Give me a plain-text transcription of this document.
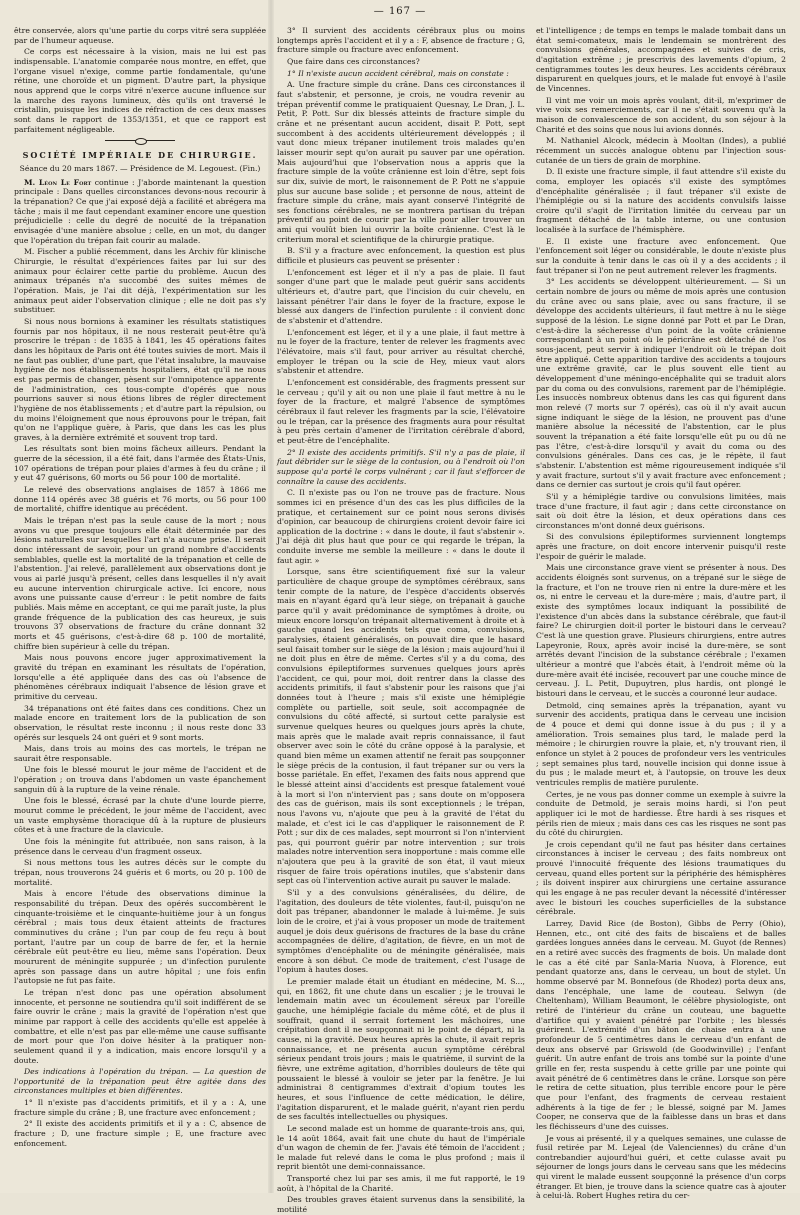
— 167 —

être conservée, alors qu'une partie du corps vitré sera suppléée par de l'humeur aqueuse.

Ce corps est nécessaire à la vision, mais ne lui est pas indispensable. L'anatomie comparée nous montre, en effet, que l'organe visuel n'exige, comme partie fondamentale, qu'une rétine, une choroïde et un pigment. D'autre part, la physique nous apprend que le corps vitré n'exerce aucune influence sur la marche des rayons lumineux, dès qu'ils ont traversé le cristallin, puisque les indices de réfraction de ces deux masses sont dans le rapport de 1353/1351, et que ce rapport est parfaitement négligeable.

SOCIÉTÉ IMPÉRIALE DE CHIRURGIE.
Séance du 20 mars 1867. — Présidence de M. Legouest. (Fin.)

M. Léon Le Fort continue : J'aborde maintenant la question principale : Dans quelles circonstances devons-nous recourir à la trépanation? Ce que j'ai exposé déjà a facilité et abrégera ma tâche ; mais il me faut cependant examiner encore une question préjudicielle : celle du degré de nocuité de la trépanation envisagée d'une manière absolue ; celle, en un mot, du danger que l'opération du trépan fait courir au malade.

M. Fischer a publié récemment, dans les Archiv für klinische Chirurgie, le résultat d'expériences faites par lui sur des animaux pour éclairer cette partie du problème. Aucun des animaux trépanés n'a succombé des suites mêmes de l'opération. Mais, je l'ai dit déjà, l'expérimentation sur les animaux peut aider l'observation clinique ; elle ne doit pas s'y substituer.

Si nous nous bornions à examiner les résultats statistiques fournis par nos hôpitaux, il ne nous resterait peut-être qu'à proscrire le trépan : de 1835 à 1841, les 45 opérations faites dans les hôpitaux de Paris ont été toutes suivies de mort. Mais il ne faut pas oublier, d'une part, que l'état insalubre, la mauvaise hygiène de nos établissements hospitaliers, état qu'il ne nous est pas permis de changer, pèsent sur l'omnipotence apparente de l'administration, ces tous-compte d'opérés que nous pourrions sauver si nous étions libres de régler directement l'hygiène de nos établissements ; et d'autre part la répulsion, ou du moins l'éloignement que nous éprouvons pour le trépan, fait qu'on ne l'applique guère, à Paris, que dans les cas les plus graves, à la dernière extrémité et souvent trop tard.

Les résultats sont bien moins fâcheux ailleurs. Pendant la guerre de la sécession, il a été fait, dans l'armée des États-Unis, 107 opérations de trépan pour plaies d'armes à feu du crâne ; il y eut 47 guérisons, 60 morts ou 56 pour 100 de mortalité.

Le relevé des observations anglaises de 1857 à 1866 me donne 114 opérés avec 38 guéris et 76 morts, ou 56 pour 100 de mortalité, chiffre identique au précédent.

Mais le trépan n'est pas la seule cause de la mort ; nous avons vu que presque toujours elle était déterminée par des lésions naturelles sur lesquelles l'art n'a aucune prise. Il serait donc intéressant de savoir, pour un grand nombre d'accidents semblables, quelle est la mortalité de la trépanation et celle de l'abstention. J'ai relevé, parallèlement aux observations dont je vous ai parlé jusqu'à présent, celles dans lesquelles il n'y avait eu aucune intervention chirurgicale active. Ici encore, nous avons une puissante cause d'erreur : le petit nombre de faits publiés. Mais même en acceptant, ce qui me paraît juste, la plus grande fréquence de la publication des cas heureux, je suis trouvons 37 observations de fracture du crâne donnant 32 morts et 45 guérisons, c'est-à-dire 68 p. 100 de mortalité, chiffre bien supérieur à celle du trépan.

Mais nous pouvons encore juger approximativement la gravité du trépan en examinant les résultats de l'opération, lorsqu'elle a été appliquée dans des cas où l'absence de phénomènes cérébraux indiquait l'absence de lésion grave et primitive du cerveau.

34 trépanations ont été faites dans ces conditions. Chez un malade encore en traitement lors de la publication de son observation, le résultat reste inconnu ; il nous reste donc 33 opérés sur lesquels 24 ont guéri et 9 sont morts.

Mais, dans trois au moins des cas mortels, le trépan ne saurait être responsable.

Une fois le blessé mourut le jour même de l'accident et de l'opération ; on trouva dans l'abdomen un vaste épanchement sanguin dû à la rupture de la veine rénale.

Une fois le blessé, écrasé par la chute d'une lourde pierre, mourut comme le précédent, le jour même de l'accident, avec un vaste emphysème thoracique dû à la rupture de plusieurs côtes et à une fracture de la clavicule.

Une fois la méningite fut attribuée, non sans raison, à la présence dans le cerveau d'un fragment osseux.

Si nous mettons tous les autres décès sur le compte du trépan, nous trouverons 24 guéris et 6 morts, ou 20 p. 100 de mortalité.

Mais à encore l'étude des observations diminue la responsabilité du trépan. Deux des opérés succombèrent le cinquante-troisième et le cinquante-huitième jour à un fongus cérébral ; mais tous deux étaient atteints de fractures comminutives du crâne ; l'un par coup de feu reçu à bout portant, l'autre par un coup de barre de fer, et la hernie cérébrale eût peut-être eu lieu, même sans l'opération. Deux moururent de méningite suppurée ; un d'infection purulente après son passage dans un autre hôpital ; une fois enfin l'autopsie ne fut pas faite.

Le trépan n'est donc pas une opération absolument innocente, et personne ne soutiendra qu'il soit indifférent de se faire ouvrir le crâne ; mais la gravité de l'opération n'est que minime par rapport à celle des accidents qu'elle est appelée à combattre, et elle n'est pas par elle-même une cause suffisante de mort pour que l'on doive hésiter à la pratiquer non-seulement quand il y a indication, mais encore lorsqu'il y a doute.

Des indications à l'opération du trépan. — La question de l'opportunité de la trépanation peut être agitée dans des circonstances multiples et bien différentes.

1° Il n'existe pas d'accidents primitifs, et il y a : A, une fracture simple du crâne ; B, une fracture avec enfoncement ;

2° Il existe des accidents primitifs et il y a : C, absence de fracture ; D, une fracture simple ; E, une fracture avec enfoncement.

3° Il survient des accidents cérébraux plus ou moins longtemps après l'accident et il y a : F, absence de fracture ; G, fracture simple ou fracture avec enfoncement.

Que faire dans ces circonstances?

1° Il n'existe aucun accident cérébral, mais on constate :

A. Une fracture simple du crâne. Dans ces circonstances il faut s'abstenir, et personne, je crois, ne voudra revenir au trépan préventif comme le pratiquaient Quesnay, Le Dran, J. L. Petit, P. Pott. Sur dix blessés atteints de fracture simple du crâne et ne présentant aucun accident, disait P. Pott, sept succombent à des accidents ultérieurement développés ; il vaut donc mieux trépaner inutilement trois malades qu'en laisser mourir sept qu'on aurait pu sauver par une opération. Mais aujourd'hui que l'observation nous a appris que la fracture simple de la voûte crânienne est loin d'être, sept fois sur dix, suivie de mort, le raisonnement de P. Pott ne s'appuie plus sur aucune base solide ; et personne de nous, atteint de fracture simple du crâne, mais ayant conservé l'intégrité de ses fonctions cérébrales, ne se montrera partisan du trépan préventif au point de courir par la ville pour aller trouver un ami qui voulût bien lui ouvrir la boîte crânienne. C'est là le criterium moral et scientifique de la chirurgie pratique.

B. S'il y a fracture avec enfoncement, la question est plus difficile et plusieurs cas peuvent se présenter :

L'enfoncement est léger et il n'y a pas de plaie. Il faut songer d'une part que le malade peut guérir sans accidents ultérieurs et, d'autre part, que l'incision du cuir chevelu, en laissant pénétrer l'air dans le foyer de la fracture, expose le blessé aux dangers de l'infection purulente : il convient donc de s'abstenir et d'attendre.

L'enfoncement est léger, et il y a une plaie, il faut mettre à nu le foyer de la fracture, tenter de relever les fragments avec l'élévatoire, mais s'il faut, pour arriver au résultat cherché, employer le trépan ou la scie de Hey, mieux vaut alors s'abstenir et attendre.

L'enfoncement est considérable, des fragments pressent sur le cerveau ; qu'il y ait ou non une plaie il faut mettre à nu le foyer de la fracture, et malgré l'absence de symptômes cérébraux il faut relever les fragments par la scie, l'élévatoire ou le trépan, car la présence des fragments aura pour résultat à peu près certain d'amener de l'irritation cérébrale d'abord, et peut-être de l'encéphalite.

2° Il existe des accidents primitifs. S'il n'y a pas de plaie, il faut débrider sur le siège de la contusion, ou à l'endroit où l'on suppose qu'a porté le corps vulnérant ; car il faut s'efforcer de connaître la cause des accidents.

C. Il n'existe pas ou l'on ne trouve pas de fracture. Nous sommes ici en présence d'un des cas les plus difficiles de la pratique, et certainement sur ce point nous serons divisés d'opinion, car beaucoup de chirurgiens croient devoir faire ici application de la doctrine : « dans le doute, il faut s'abstenir ». J'ai déjà dit plus haut que pour ce qui regarde le trépan, la conduite inverse me semble la meilleure : « dans le doute il faut agir. »

Lorsque, sans être scientifiquement fixé sur la valeur particulière de chaque groupe de symptômes cérébraux, sans tenir compte de la nature, de l'espèce d'accidents observés mais en n'ayant égard qu'à leur siège, on trépanait à gauche parce qu'il y avait prédominance de symptômes à droite, ou mieux encore lorsqu'on trépanait alternativement à droite et à gauche quand les accidents tels que coma, convulsions, paralysies, étaient généralisés, on pouvait dire que le hasard seul faisait tomber sur le siège de la lésion ; mais aujourd'hui il ne doit plus en être de même. Certes s'il y a du coma, des convulsions épileptiformes survenues quelques jours après l'accident, ce qui, pour moi, doit rentrer dans la classe des accidents primitifs, il faut s'abstenir pour les raisons que j'ai données tout à l'heure ; mais s'il existe une hémiplégie complète ou partielle, soit seule, soit accompagnée de convulsions du côté affecté, si surtout cette paralysie est survenue quelques heures ou quelques jours après la chute, mais après que le malade avait repris connaissance, il faut observer avec soin le côté du crâne opposé à la paralysie, et quand bien même un examen attentif ne ferait pas soupçonner le siège précis de la contusion, il faut trépaner sur ou vers la bosse pariétale. En effet, l'examen des faits nous apprend que le blessé atteint ainsi d'accidents est presque fatalement voué à la mort si l'on n'intervient pas ; sans doute on m'opposera des cas de guérison, mais ils sont exceptionnels ; le trépan, nous l'avons vu, n'ajoute que peu à la gravité de l'état du malade, et c'est ici le cas d'appliquer le raisonnement de P. Pott ; sur dix de ces malades, sept mourront si l'on n'intervient pas, qui pourront guérir par notre intervention ; sur trois malades notre intervention sera inopportune : mais comme elle n'ajoutera que peu à la gravité de son état, il vaut mieux risquer de faire trois opérations inutiles, que s'abstenir dans sept cas où l'intervention active aurait pu sauver le malade.

S'il y a des convulsions généralisées, du délire, de l'agitation, des douleurs de tête violentes, faut-il, puisqu'on ne doit pas trépaner, abandonner le malade à lui-même. Je suis loin de le croire, et j'ai à vous proposer un mode de traitement auquel je dois deux guérisons de fractures de la base du crâne accompagnées de délire, d'agitation, de fièvre, en un mot de symptômes d'encéphalite ou de méningite généralisée, mais encore à son début. Ce mode de traitement, c'est l'usage de l'opium à hautes doses.

Le premier malade était un étudiant en médecine, M. S..., qui, en 1862, fit une chute dans un escalier ; je le trouvai le lendemain matin avec un écoulement séreux par l'oreille gauche, une hémiplégie faciale du même côté, et de plus il souffrait, quand il serrait fortement les mâchoires, une crépitation dont il ne soupçonnait ni le point de départ, ni la cause, ni la gravité. Deux heures après la chute, il avait repris connaissance, et ne présenta aucun symptôme cérébral sérieux pendant trois jours ; mais le quatrième, il survint de la fièvre, une extrême agitation, d'horribles douleurs de tête qui poussaient le blessé à vouloir se jeter par la fenêtre. Je lui administrai 8 centigrammes d'extrait d'opium toutes les heures, et sous l'influence de cette médication, le délire, l'agitation disparurent, et le malade guérit, n'ayant rien perdu de ses facultés intellectuelles ou physiques.

Le second malade est un homme de quarante-trois ans, qui, le 14 août 1864, avait fait une chute du haut de l'impériale d'un wagon de chemin de fer. J'avais été témoin de l'accident ; le malade fut relevé dans le coma le plus profond ; mais il reprit bientôt une demi-connaissance.

Transporté chez lui par ses amis, il me fut rapporté, le 19 août, à l'hôpital de la Charité.

Des troubles graves étaient survenus dans la sensibilité, la motilité

et l'intelligence ; de temps en temps le malade tombait dans un état semi-comateux, mais le lendemain se montrèrent des convulsions générales, accompagnées et suivies de cris, d'agitation extrême ; je prescrivis des lavements d'opium, 2 centigrammes toutes les deux heures. Les accidents cérébraux disparurent en quelques jours, et le malade fut envoyé à l'asile de Vincennes.

Il vint me voir un mois après voulant, dit-il, m'exprimer de vive voix ses remerciements, car il ne s'était souvenu qu'à la maison de convalescence de son accident, du son séjour à la Charité et des soins que nous lui avions donnés.

M. Nathaniel Alcock, médecin à Mooltan (Indes), a publié récemment un succès analogue obtenu par l'injection sous-cutanée de un tiers de grain de morphine.

D. Il existe une fracture simple, il faut attendre s'il existe du coma, employer les opiacés s'il existe des symptômes d'encéphalite généralisée ; il faut trépaner s'il existe de l'hémiplégie ou si la nature des accidents convulsifs laisse croire qu'il s'agit de l'irritation limitée du cerveau par un fragment détaché de la table interne, ou une contusion localisée à la surface de l'hémisphère.

E. Il existe une fracture avec enfoncement. Que l'enfoncement soit léger ou considérable, le doute n'existe plus sur la conduite à tenir dans le cas où il y a des accidents ; il faut trépaner si l'on ne peut autrement relever les fragments.

3° Les accidents se développent ultérieurement. — Si un certain nombre de jours ou même de mois après une contusion du crâne avec ou sans plaie, avec ou sans fracture, il se développe des accidents ultérieurs, il faut mettre à nu le siège supposé de la lésion. Le signe donné par Pott et par Le Dran, c'est-à-dire la sécheresse d'un point de la voûte crânienne correspondant à un point où le péricrâne est détaché de l'os sous-jacent, peut servir à indiquer l'endroit où le trépan doit être appliqué. Cette apparition tardive des accidents a toujours une extrême gravité, car le plus souvent elle tient au développement d'une méningo-encéphalite qui se traduit alors par du coma ou des convulsions, rarement par de l'hémiplégie. Les insuccès nombreux obtenus dans les cas qui figurent dans mon relevé (7 morts sur 7 opérés), cas où il n'y avait aucun signe indiquant le siège de la lésion, ne prouvent pas d'une manière absolue la nécessité de l'abstention, car le plus souvent la trépanation a été faite lorsqu'elle eût pu ou dû ne pas l'être, c'est-à-dire lorsqu'il y avait du coma ou des convulsions générales. Dans ces cas, je le répète, il faut s'abstenir. L'abstention est même rigoureusement indiquée s'il y avait fracture, surtout s'il y avait fracture avec enfoncement ; dans ce dernier cas surtout je crois qu'il faut opérer.

S'il y a hémiplégie tardive ou convulsions limitées, mais trace d'une fracture, il faut agir ; dans cette circonstance on sait où doit être la lésion, et deux opérations dans ces circonstances m'ont donné deux guérisons.

Si des convulsions épileptiformes surviennent longtemps après une fracture, on doit encore intervenir puisqu'il reste l'espoir de guérir le malade.

Mais une circonstance grave vient se présenter à nous. Des accidents éloignés sont survenus, on a trépané sur le siège de la fracture, et l'on ne trouve rien ni entre la dure-mère et les os, ni entre le cerveau et la dure-mère ; mais, d'autre part, il existe des symptômes locaux indiquant la possibilité de l'existence d'un abcès dans la substance cérébrale, que faut-il faire? Le chirurgien doit-il porter le bistouri dans le cerveau? C'est là une question grave. Plusieurs chirurgiens, entre autres Lapeyronie, Roux, après avoir incisé la dure-mère, se sont arrêtés devant l'incision de la substance cérébrale ; l'examen ultérieur a montré que l'abcès était, à l'endroit même où la dure-mère avait été incisée, recouvert par une couche mince de cerveau. J. L. Petit, Dupuytren, plus hardis, ont plongé le bistouri dans le cerveau, et le succès a couronné leur audace.

Detmold, cinq semaines après la trépanation, ayant vu survenir des accidents, pratiqua dans le cerveau une incision de 4 pouce et demi qui donne issue à du pus ; il y a amélioration. Trois semaines plus tard, le malade perd la mémoire ; le chirurgien rouvre la plaie, et, n'y trouvant rien, il enfonce un stylet à 2 pouces de profondeur vers les ventricules ; sept semaines plus tard, nouvelle incision qui donne issue à du pus ; le malade meurt et, à l'autopsie, on trouve les deux ventricules remplis de matière purulente.

Certes, je ne vous pas donner comme un exemple à suivre la conduite de Detmold, je serais moins hardi, si l'on peut appliquer ici le mot de hardiesse. Être hardi à ses risques et périls rien de mieux ; mais dans ces cas les risques ne sont pas du côté du chirurgien.

Je crois cependant qu'il ne faut pas hésiter dans certaines circonstances à inciser le cerveau ; des faits nombreux ont prouvé l'innocuité fréquente des lésions traumatiques du cerveau, quand elles portent sur la périphérie des hémisphères ; ils doivent inspirer aux chirurgiens une certaine assurance qui les engage à ne pas reculer devant la nécessité d'intéresser avec le bistouri les couches superficielles de la substance cérébrale.

Larrey, David Rice (de Boston), Gibbs de Perry (Ohio), Hennen, etc., ont cité des faits de biscaïens et de balles gardées longues années dans le cerveau. M. Guyot (de Rennes) en a retiré avec succès des fragments de bois. Un malade dont le cas a été cité par Sanla-Maria Nuova, à Florence, eut pendant quatorze ans, dans le cerveau, un bout de stylet. Un homme observé par M. Bonnefous (de Rhodez) porta deux ans, dans l'encéphale, une lame de couteau. Selwyn (de Cheltenham), William Beaumont, le célèbre physiologiste, ont retiré de l'intérieur du crâne un couteau, une baguette d'artifice qui y avaient pénétré par l'orbite ; les blessés guérirent. L'extrémité d'un bâton de chaise entra à une profondeur de 5 centimètres dans le cerveau d'un enfant de deux ans observé par Griswold (de Goodwinville) ; l'enfant guérit. Un autre enfant de trois ans tombé sur la pointe d'une grille en fer, resta suspendu à cette grille par une pointe qui avait pénétré de 6 centimètres dans le crâne. Lorsque son père le retira de cette situation, plus terrible encore pour le père que pour l'enfant, des fragments de cerveau restaient adhérents à la tige de fer ; le blessé, soigné par M. James Cooper, ne conserva que de la faiblesse dans un bras et dans les fléchisseurs d'une des cuisses.

Je vous ai présenté, il y a quelques semaines, une culasse de fusil retirée par M. Lejeal (de Valenciennes) du crâne d'un contrebandier aujourd'hui guéri, et cette culasse avait pu séjourner de longs jours dans le cerveau sans que les médecins qui virent le malade eussent soupçonné la présence d'un corps étranger. Et bien, je trouve dans la science quatre cas à ajouter à celui-là. Robert Hughes retira du cer-
